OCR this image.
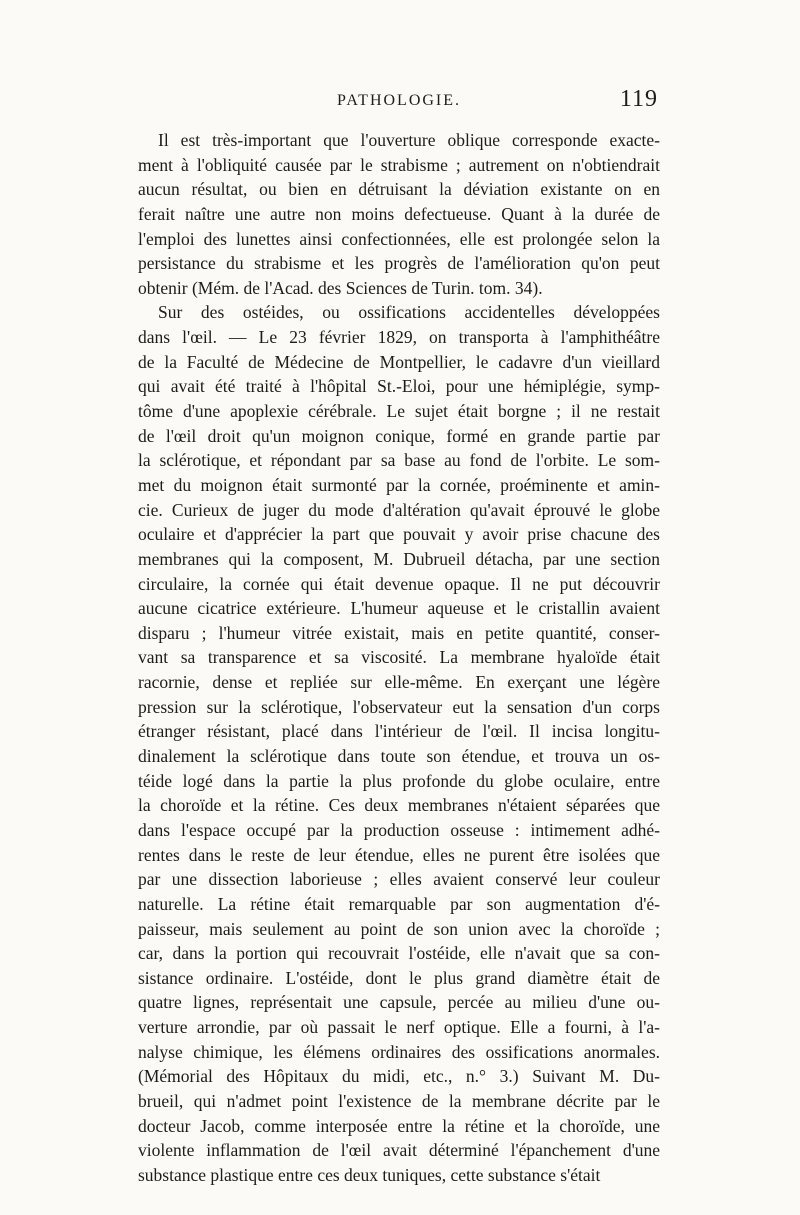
PATHOLOGIE.	119
Il est très-important que l'ouverture oblique corresponde exacte-
ment à l'obliquité causée par le strabisme ; autrement on n'obtiendrait
aucun résultat, ou bien en détruisant la déviation existante on en
ferait naître une autre non moins defectueuse. Quant à la durée de
l'emploi des lunettes ainsi confectionnées, elle est prolongée selon la
persistance du strabisme et les progrès de l'amélioration qu'on peut
obtenir (Mém. de l'Acad. des Sciences de Turin. tom. 34).
Sur des ostéides, ou ossifications accidentelles développées
dans l'œil. — Le 23 février 1829, on transporta à l'amphithéâtre
de la Faculté de Médecine de Montpellier, le cadavre d'un vieillard
qui avait été traité à l'hôpital St.-Eloi, pour une hémiplégie, symp-
tôme d'une apoplexie cérébrale. Le sujet était borgne ; il ne restait
de l'œil droit qu'un moignon conique, formé en grande partie par
la sclérotique, et répondant par sa base au fond de l'orbite. Le som-
met du moignon était surmonté par la cornée, proéminente et amin-
cie. Curieux de juger du mode d'altération qu'avait éprouvé le globe
oculaire et d'apprécier la part que pouvait y avoir prise chacune des
membranes qui la composent, M. Dubrueil détacha, par une section
circulaire, la cornée qui était devenue opaque. Il ne put découvrir
aucune cicatrice extérieure. L'humeur aqueuse et le cristallin avaient
disparu ; l'humeur vitrée existait, mais en petite quantité, conser-
vant sa transparence et sa viscosité. La membrane hyaloïde était
racornie, dense et repliée sur elle-même. En exerçant une légère
pression sur la sclérotique, l'observateur eut la sensation d'un corps
étranger résistant, placé dans l'intérieur de l'œil. Il incisa longitu-
dinalement la sclérotique dans toute son étendue, et trouva un os-
téide logé dans la partie la plus profonde du globe oculaire, entre
la choroïde et la rétine. Ces deux membranes n'étaient séparées que
dans l'espace occupé par la production osseuse : intimement adhé-
rentes dans le reste de leur étendue, elles ne purent être isolées que
par une dissection laborieuse ; elles avaient conservé leur couleur
naturelle. La rétine était remarquable par son augmentation d'é-
paisseur, mais seulement au point de son union avec la choroïde ;
car, dans la portion qui recouvrait l'ostéide, elle n'avait que sa con-
sistance ordinaire. L'ostéide, dont le plus grand diamètre était de
quatre lignes, représentait une capsule, percée au milieu d'une ou-
verture arrondie, par où passait le nerf optique. Elle a fourni, à l'a-
nalyse chimique, les élémens ordinaires des ossifications anormales.
(Mémorial des Hôpitaux du midi, etc., n.° 3.) Suivant M. Du-
brueil, qui n'admet point l'existence de la membrane décrite par le
docteur Jacob, comme interposée entre la rétine et la choroïde, une
violente inflammation de l'œil avait déterminé l'épanchement d'une
substance plastique entre ces deux tuniques, cette substance s'était
